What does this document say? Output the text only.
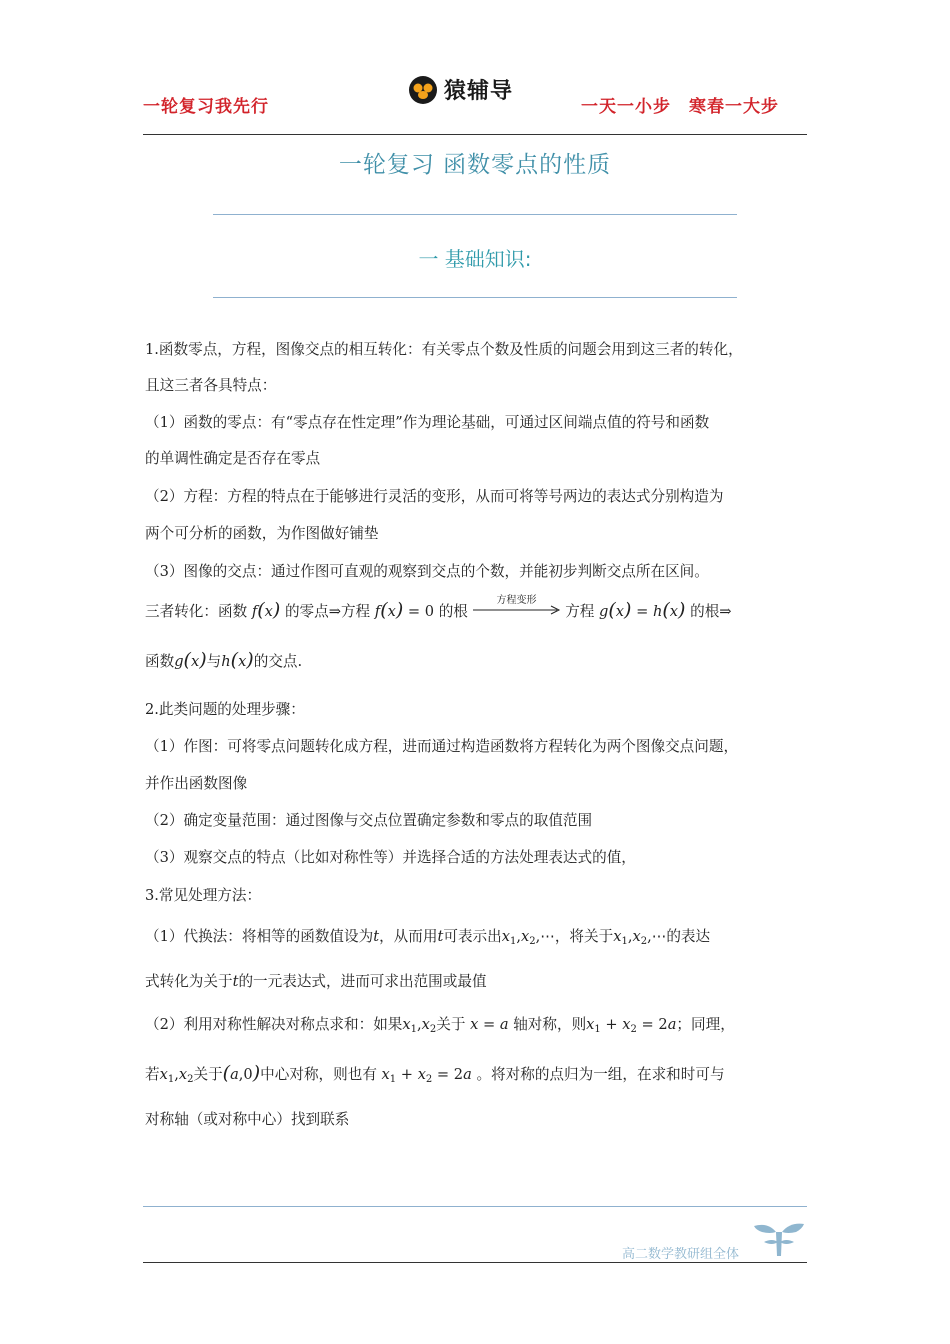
一轮复习我先行
猿辅导
一天一小步　寒春一大步
一轮复习 函数零点的性质
一 基础知识:
1.函数零点，方程，图像交点的相互转化：有关零点个数及性质的问题会用到这三者的转化，
且这三者各具特点：
（1）函数的零点：有“零点存在性定理”作为理论基础，可通过区间端点值的符号和函数
的单调性确定是否存在零点
（2）方程：方程的特点在于能够进行灵活的变形，从而可将等号两边的表达式分别构造为
两个可分析的函数，为作图做好铺垫
（3）图像的交点：通过作图可直观的观察到交点的个数，并能初步判断交点所在区间。
三者转化：函数 f(x) 的零点⇒方程 f(x) = 0 的根
方程变形
方程 g(x) = h(x) 的根⇒
函数g(x)与h(x)的交点.
2.此类问题的处理步骤：
（1）作图：可将零点问题转化成方程，进而通过构造函数将方程转化为两个图像交点问题，
并作出函数图像
（2）确定变量范围：通过图像与交点位置确定参数和零点的取值范围
（3）观察交点的特点（比如对称性等）并选择合适的方法处理表达式的值，
3.常见处理方法：
（1）代换法：将相等的函数值设为t，从而用t可表示出$x_1,x_2,\cdots$，将关于$x_1,x_2,\cdots$的表达
式转化为关于t的一元表达式，进而可求出范围或最值
（2）利用对称性解决对称点求和：如果$x_1,x_2$关于 x = a 轴对称，则$x_1 + x_2 = 2a$；同理，
若$x_1,x_2$关于(a,0)中心对称，则也有 $x_1 + x_2 = 2a$ 。将对称的点归为一组，在求和时可与
对称轴（或对称中心）找到联系
高二数学教研组全体
